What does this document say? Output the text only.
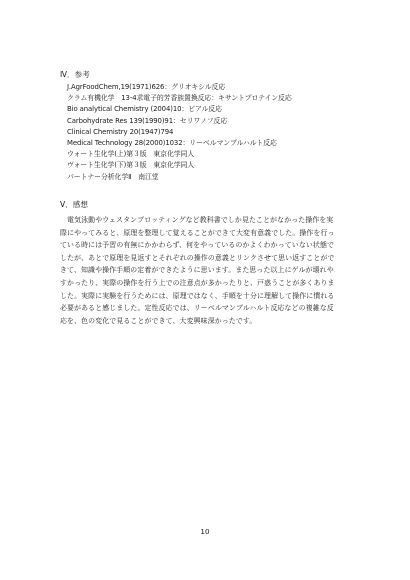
Ⅳ．参考
J.AgrFoodChem,19(1971)626：グリオキシル反応
クラム有機化学　13-4求電子的芳香族置換反応：キサントプロテイン反応
Bio analytical Chemistry (2004)10：ビアル反応
Carbohydrate Res 139(1990)91：セリワノフ反応
Clinical Chemistry 20(1947)794
Medical Technology 28(2000)1032：リーベルマンブルハルト反応
ウォート生化学(上)第３版　東京化学同人
ヴォート生化学(下)第３版　東京化学同人
パートナー分析化学Ⅱ　南江堂
Ⅴ．感想
　電気泳動やウェスタンブロッティングなど教科書でしか見たことがなかった操作を実
際にやってみると、原理を整理して覚えることができて大変有意義でした。操作を行っ
ている時には予習の有無にかかわらず、何をやっているのかよくわかっていない状態で
したが、あとで原理を見返すとそれぞれの操作の意義とリンクさせて思い返すことがで
きて、知識や操作手順の定着ができたように思います。また思った以上にゲルが壊れや
すかったり、実際の操作を行う上での注意点が多かったりと、戸惑うことが多くありま
した。実際に実験を行うためには、原理ではなく、手順を十分に理解して操作に慣れる
必要があると感じました。定性反応では、リーベルマンブルハルト反応などの複雑な反
応を、色の変化で見ることができて、大変興味深かったです。
10
